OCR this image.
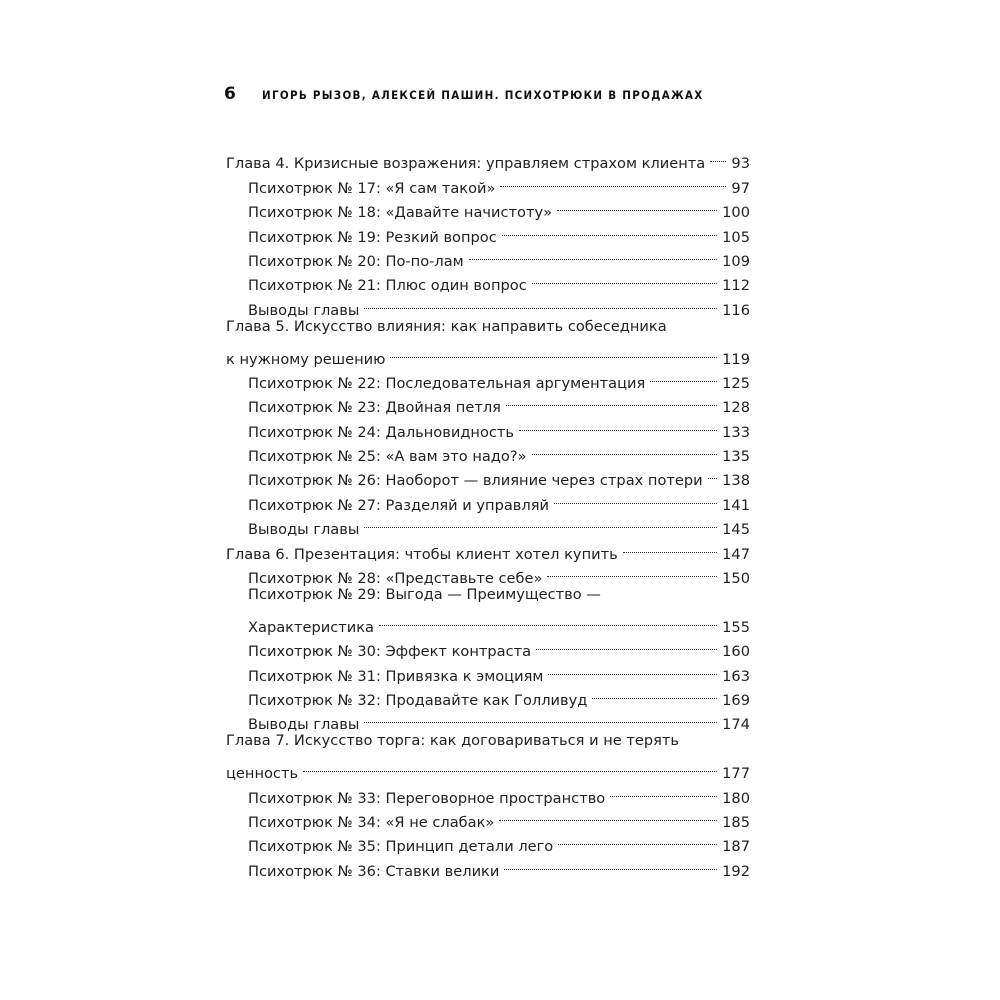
6	ИГОРЬ РЫЗОВ, АЛЕКСЕЙ ПАШИН. ПСИХОТРЮКИ В ПРОДАЖАХ
Глава 4. Кризисные возражения: управляем страхом клиента 93
Психотрюк № 17: «Я сам такой»	97
Психотрюк № 18: «Давайте начистоту»	100
Психотрюк № 19: Резкий вопрос	105
Психотрюк № 20: По-по-лам	109
Психотрюк № 21: Плюс один вопрос	112
Выводы главы	116
Глава 5. Искусство влияния: как направить собеседника
к нужному решению	119
Психотрюк № 22: Последовательная аргументация	125
Психотрюк № 23: Двойная петля	128
Психотрюк № 24: Дальновидность	133
Психотрюк № 25: «А вам это надо?»	135
Психотрюк № 26: Наоборот — влияние через страх потери 138
Психотрюк № 27: Разделяй и управляй	141
Выводы главы	145
Глава 6. Презентация: чтобы клиент хотел купить	147
Психотрюк № 28: «Представьте себе»	150
Психотрюк № 29: Выгода — Преимущество —
Характеристика	155
Психотрюк № 30: Эффект контраста	160
Психотрюк № 31: Привязка к эмоциям	163
Психотрюк № 32: Продавайте как Голливуд	169
Выводы главы	174
Глава 7. Искусство торга: как договариваться и не терять
ценность	177
Психотрюк № 33: Переговорное пространство	180
Психотрюк № 34: «Я не слабак»	185
Психотрюк № 35: Принцип детали лего	187
Психотрюк № 36: Ставки велики	192
